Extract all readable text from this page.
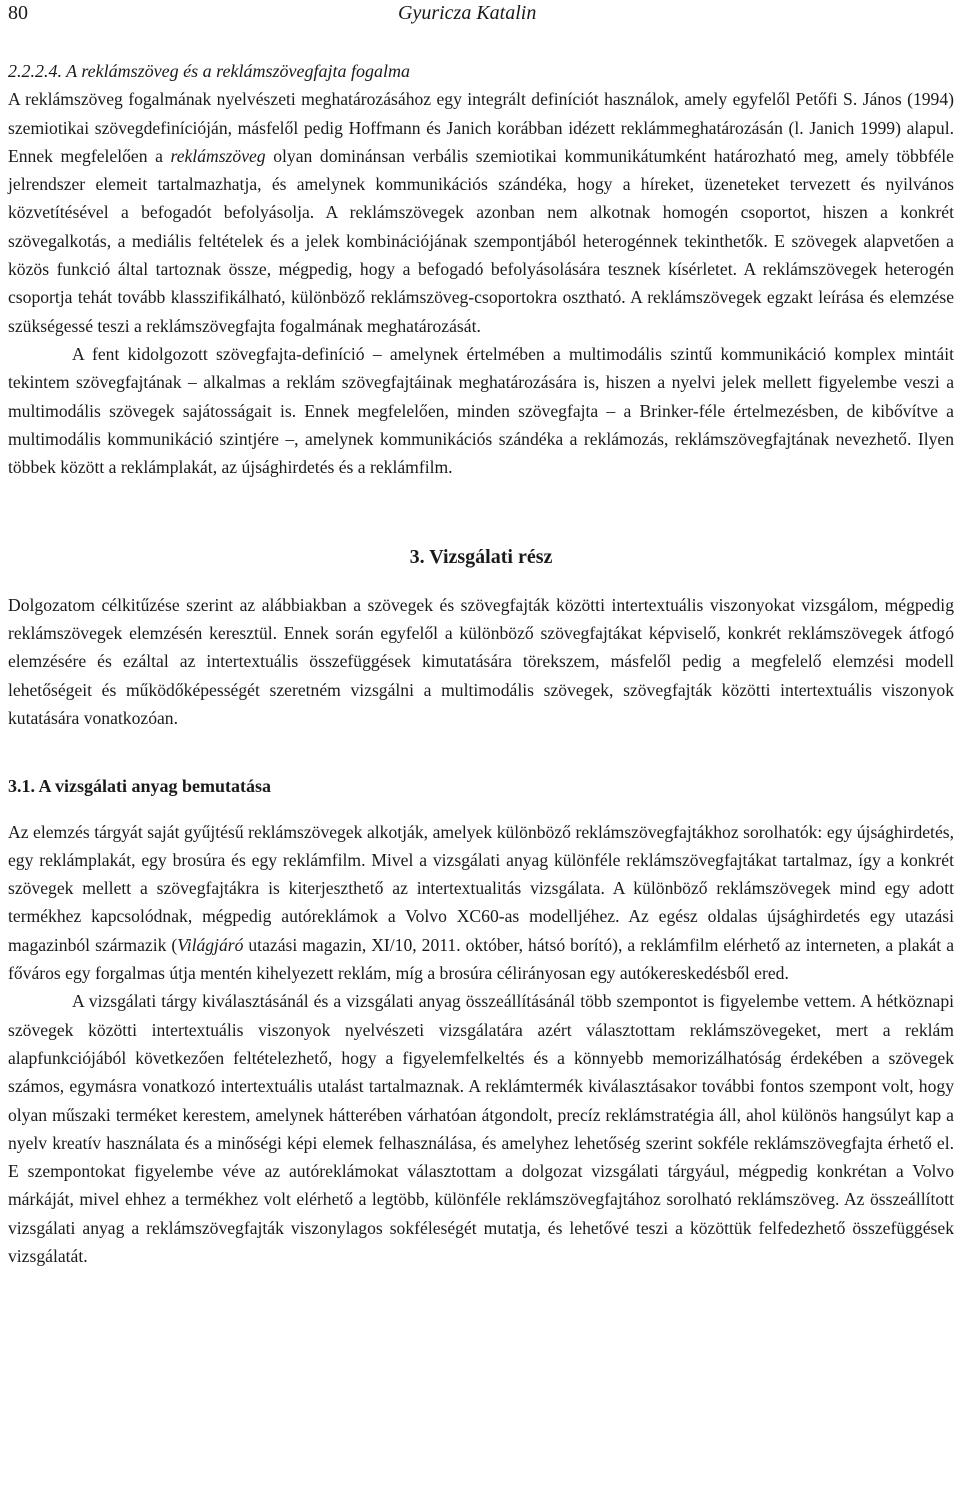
80	Gyuricza Katalin

2.2.2.4. A reklámszöveg és a reklámszövegfajta fogalma

A reklámszöveg fogalmának nyelvészeti meghatározásához egy integrált definíciót használok, amely egyfelől Petőfi S. János (1994) szemiotikai szövegdefinícióján, másfelől pedig Hoffmann és Janich korábban idézett reklámmeghatározásán (l. Janich 1999) alapul. Ennek megfelelően a reklámszöveg olyan dominánsan verbális szemiotikai kommunikátumként határozható meg, amely többféle jelrendszer elemeit tartalmazhatja, és amelynek kommunikációs szándéka, hogy a híreket, üzeneteket tervezett és nyilvános közvetítésével a befogadót befolyásolja. A reklámszövegek azonban nem alkotnak homogén csoportot, hiszen a konkrét szövegalkotás, a mediális feltételek és a jelek kombinációjának szempontjából heterogénnek tekinthetők. E szövegek alapvetően a közös funkció által tartoznak össze, mégpedig, hogy a befogadó befolyásolására tesznek kísérletet. A reklámszövegek heterogén csoportja tehát tovább klasszifikálható, különböző reklámszöveg-csoportokra osztható. A reklámszövegek egzakt leírása és elemzése szükségessé teszi a reklámszövegfajta fogalmának meghatározását.

A fent kidolgozott szövegfajta-definíció – amelynek értelmében a multimodális szintű kommunikáció komplex mintáit tekintem szövegfajtának – alkalmas a reklám szövegfajtáinak meghatározására is, hiszen a nyelvi jelek mellett figyelembe veszi a multimodális szövegek sajátosságait is. Ennek megfelelően, minden szövegfajta – a Brinker-féle értelmezésben, de kibővítve a multimodális kommunikáció szintjére –, amelynek kommunikációs szándéka a reklámozás, reklámszövegfajtának nevezhető. Ilyen többek között a reklámplakát, az újsághirdetés és a reklámfilm.

3. Vizsgálati rész

Dolgozatom célkitűzése szerint az alábbiakban a szövegek és szövegfajták közötti intertextuális viszonyokat vizsgálom, mégpedig reklámszövegek elemzésén keresztül. Ennek során egyfelől a különböző szövegfajtákat képviselő, konkrét reklámszövegek átfogó elemzésére és ezáltal az intertextuális összefüggések kimutatására törekszem, másfelől pedig a megfelelő elemzési modell lehetőségeit és működőképességét szeretném vizsgálni a multimodális szövegek, szövegfajták közötti intertextuális viszonyok kutatására vonatkozóan.

3.1. A vizsgálati anyag bemutatása

Az elemzés tárgyát saját gyűjtésű reklámszövegek alkotják, amelyek különböző reklámszövegfajtákhoz sorolhatók: egy újsághirdetés, egy reklámplakát, egy brosúra és egy reklámfilm. Mivel a vizsgálati anyag különféle reklámszövegfajtákat tartalmaz, így a konkrét szövegek mellett a szövegfajtákra is kiterjeszthető az intertextualitás vizsgálata. A különböző reklámszövegek mind egy adott termékhez kapcsolódnak, mégpedig autóreklámok a Volvo XC60-as modelljéhez. Az egész oldalas újsághirdetés egy utazási magazinból származik (Világjáró utazási magazin, XI/10, 2011. október, hátsó borító), a reklámfilm elérhető az interneten, a plakát a főváros egy forgalmas útja mentén kihelyezett reklám, míg a brosúra célirányosan egy autókereskedésből ered.

A vizsgálati tárgy kiválasztásánál és a vizsgálati anyag összeállításánál több szempontot is figyelembe vettem. A hétköznapi szövegek közötti intertextuális viszonyok nyelvészeti vizsgálatára azért választottam reklámszövegeket, mert a reklám alapfunkciójából következően feltételezhető, hogy a figyelemfelkeltés és a könnyebb memorizálhatóság érdekében a szövegek számos, egymásra vonatkozó intertextuális utalást tartalmaznak. A reklámtermék kiválasztásakor további fontos szempont volt, hogy olyan műszaki terméket kerestem, amelynek hátterében várhatóan átgondolt, precíz reklámstratégia áll, ahol különös hangsúlyt kap a nyelv kreatív használata és a minőségi képi elemek felhasználása, és amelyhez lehetőség szerint sokféle reklámszövegfajta érhető el. E szempontokat figyelembe véve az autóreklámokat választottam a dolgozat vizsgálati tárgyául, mégpedig konkrétan a Volvo márkáját, mivel ehhez a termékhez volt elérhető a legtöbb, különféle reklámszövegfajtához sorolható reklámszöveg. Az összeállított vizsgálati anyag a reklámszövegfajták viszonylagos sokféleségét mutatja, és lehetővé teszi a közöttük felfedezhető összefüggések vizsgálatát.
